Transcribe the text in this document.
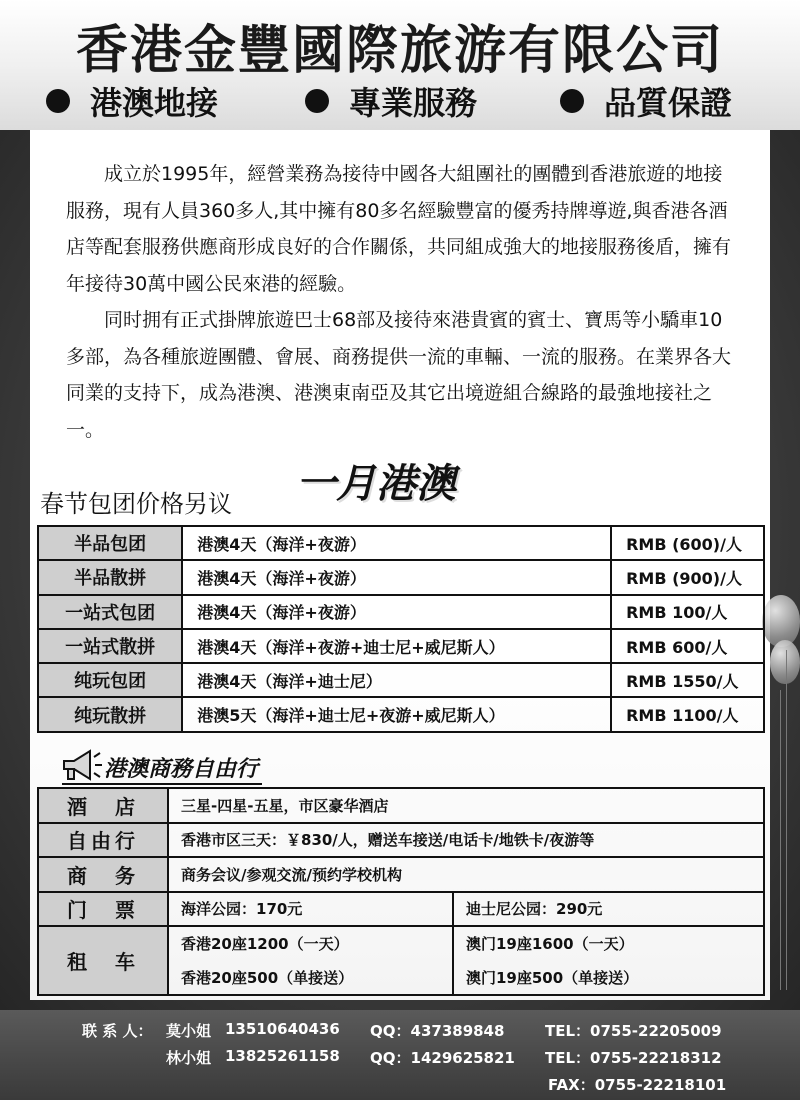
香港金豐國際旅游有限公司
港澳地接	專業服務	品質保證

成立於1995年，經營業務為接待中國各大組團社的團體到香港旅遊的地接服務，現有人員360多人,其中擁有80多名經驗豐富的優秀持牌導遊,與香港各酒店等配套服務供應商形成良好的合作關係，共同組成強大的地接服務後盾，擁有年接待30萬中國公民來港的經驗。

同时拥有正式掛牌旅遊巴士68部及接待來港貴賓的賓士、寶馬等小驕車10多部，為各種旅遊團體、會展、商務提供一流的車輛、一流的服務。在業界各大同業的支持下，成為港澳、港澳東南亞及其它出境遊組合線路的最強地接社之一。

一月港澳
春节包团价格另议
半品包团	港澳4天（海洋+夜游）	RMB (600)/人
半品散拼	港澳4天（海洋+夜游）	RMB (900)/人
一站式包团	港澳4天（海洋+夜游）	RMB 100/人
一站式散拼	港澳4天（海洋+夜游+迪士尼+威尼斯人）	RMB 600/人
纯玩包团	港澳4天（海洋+迪士尼）	RMB 1550/人
纯玩散拼	港澳5天（海洋+迪士尼+夜游+威尼斯人）	RMB 1100/人
港澳商務自由行
酒　店	三星-四星-五星，市区豪华酒店	
自由行	香港市区三天：￥830/人，赠送车接送/电话卡/地铁卡/夜游等	
商　务	商务会议/参观交流/预约学校机构	
门　票	海洋公园：170元	迪士尼公园：290元
租　车	香港20座1200（一天）	澳门19座1600（一天）
	香港20座500（单接送）	澳门19座500（单接送）
联 系 人： 莫小姐 13510640436 QQ：437389848	TEL：0755-22205009
林小姐 13825261158 QQ：1429625821 TEL：0755-22218312
FAX：0755-22218101
